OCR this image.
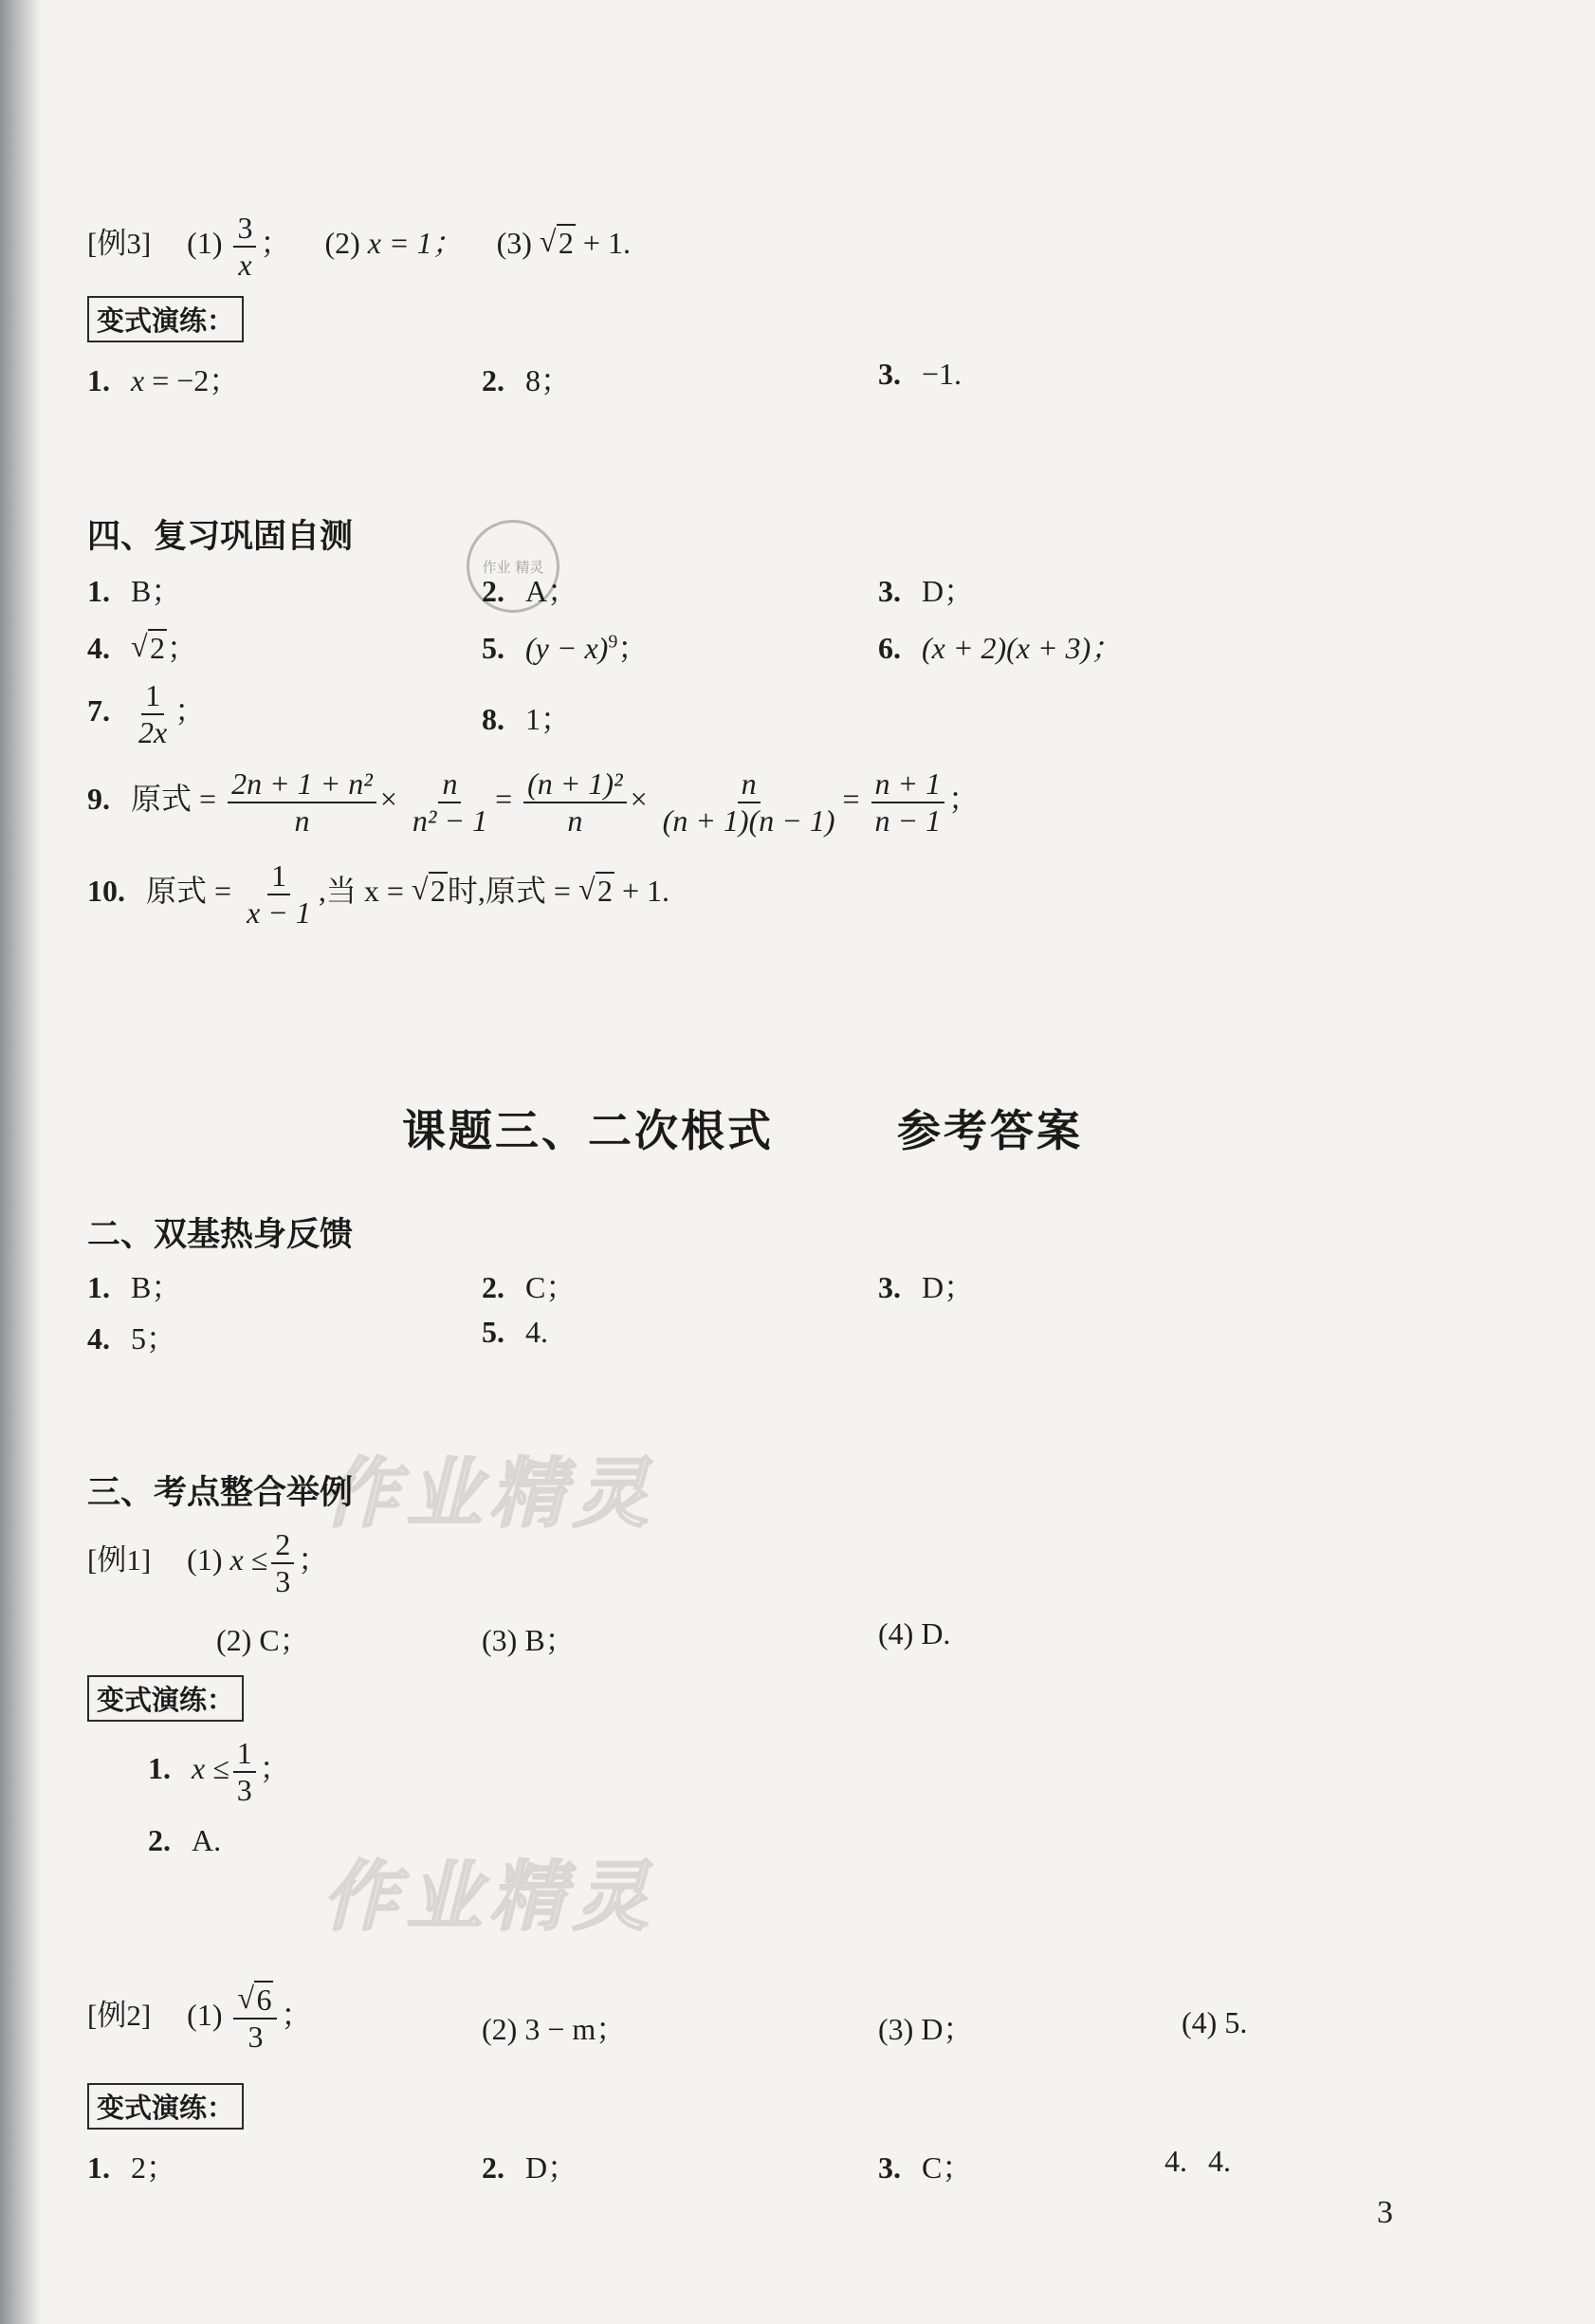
作业精灵
作业精灵
作业 精灵
[例3] $(1) \frac{3}{x}$ ； (2) x = 1； (3) √ 2 + 1.
变式演练：
1. x = −2；	2. 8；	3. −1.
四、复习巩固自测
1. B；	2. A；	3. D；
4. √ 2；	5. $(y - x)^9$；	6. (x + 2)(x + 3)；
7. $\frac{1}{2x}$ ；	8. 1；
9. 原式 = $\frac{\text{2n + 1 + n²}}{n} \times \frac{n}{\text{n² − 1}} = \frac{\text{(n + 1)²}}{n} \times \frac{n}{(n + 1)(n - 1)} = \frac{n + 1}{n - 1}$ ；
10. 原式 = $\frac{1}{x - 1}$ ,当 x = √ 2时,原式 = √ 2 + 1.
课题三、二次根式	参考答案
二、双基热身反馈
1. B；	2. C；	3. D；
4. 5；	5. 4.
三、考点整合举例
[例1] (1) $x \le \frac{2}{3}$ ；
(2) C；	(3) B；	(4) D.
变式演练：
1. $x \le \frac{1}{3}$ ；
2. A.
[例2] (1) √ $\frac{6}{3}$ ；	(2) 3 − m；	(3) D；	(4) 5.
变式演练：
1. 2；	2. D；	3. C；	4. 4.
3
